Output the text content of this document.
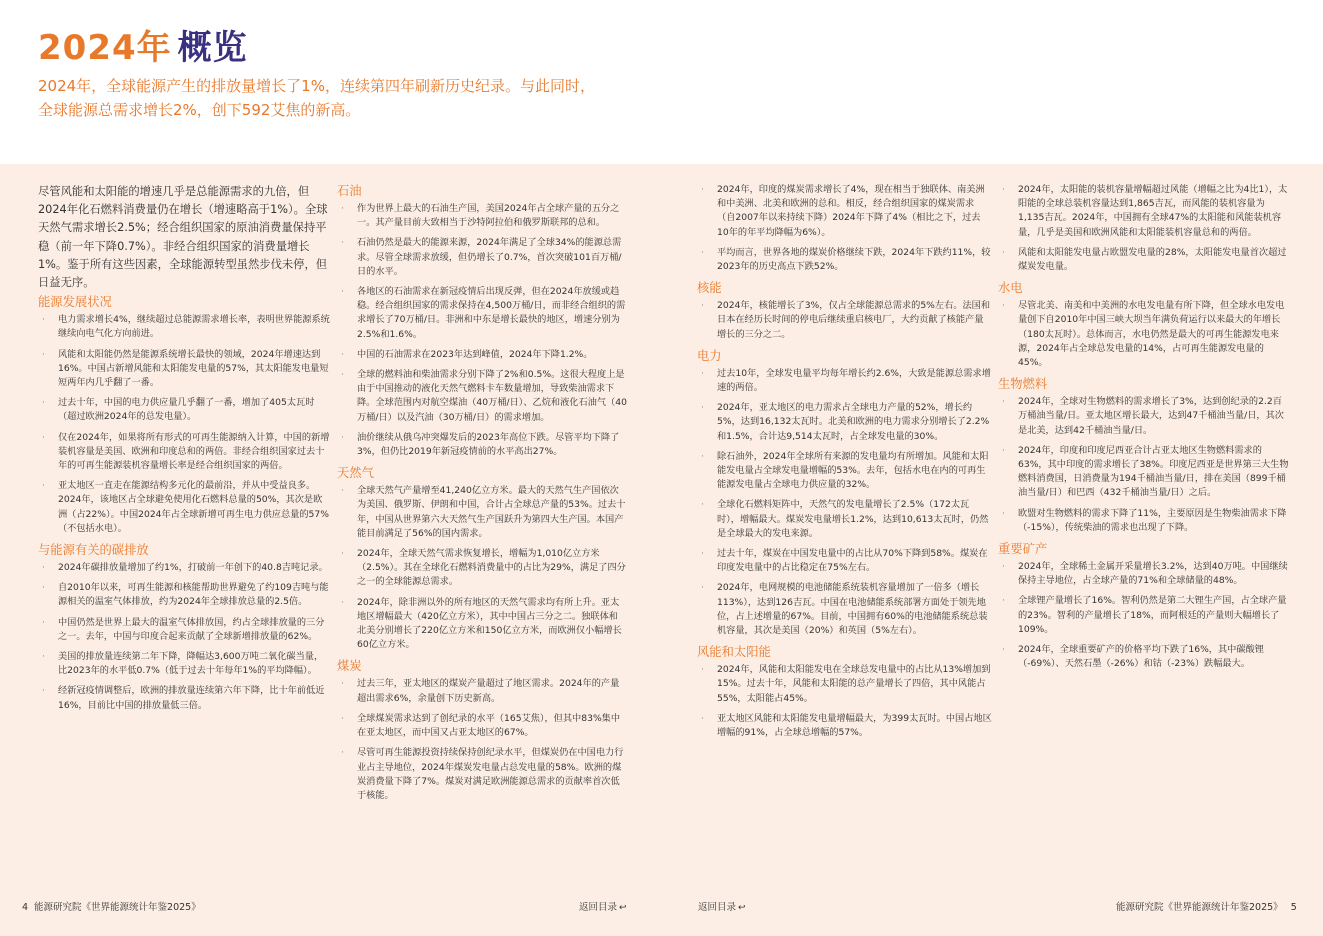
2024年 概览
2024年，全球能源产生的排放量增长了1%，连续第四年刷新历史纪录。与此同时，
全球能源总需求增长2%，创下592艾焦的新高。

尽管风能和太阳能的增速几乎是总能源需求的九倍，但2024年化石燃料消费量仍在增长（增速略高于1%）。全球天然气需求增长2.5%；经合组织国家的原油消费量保持平稳（前一年下降0.7%）。非经合组织国家的消费量增长1%。鉴于所有这些因素，全球能源转型虽然步伐未停，但日益无序。

能源发展状况
· 电力需求增长4%，继续超过总能源需求增长率，表明世界能源系统继续向电气化方向前进。
· 风能和太阳能仍然是能源系统增长最快的领域，2024年增速达到16%。中国占新增风能和太阳能发电量的57%，其太阳能发电量短短两年内几乎翻了一番。
· 过去十年，中国的电力供应量几乎翻了一番，增加了405太瓦时（超过欧洲2024年的总发电量）。
· 仅在2024年，如果将所有形式的可再生能源纳入计算，中国的新增装机容量是美国、欧洲和印度总和的两倍。非经合组织国家过去十年的可再生能源装机容量增长率是经合组织国家的两倍。
· 亚太地区一直走在能源结构多元化的最前沿，并从中受益良多。2024年，该地区占全球避免使用化石燃料总量的50%，其次是欧洲（占22%）。中国2024年占全球新增可再生电力供应总量的57%（不包括水电）。
与能源有关的碳排放
· 2024年碳排放量增加了约1%，打破前一年创下的40.8吉吨记录。
· 自2010年以来，可再生能源和核能帮助世界避免了约109吉吨与能源相关的温室气体排放，约为2024年全球排放总量的2.5倍。
· 中国仍然是世界上最大的温室气体排放国，约占全球排放量的三分之一。去年，中国与印度合起来贡献了全球新增排放量的62%。
· 美国的排放量连续第二年下降，降幅达3,600万吨二氧化碳当量，比2023年的水平低0.7%（低于过去十年每年1%的平均降幅）。
· 经新冠疫情调整后，欧洲的排放量连续第六年下降，比十年前低近16%，目前比中国的排放量低三倍。
石油
· 作为世界上最大的石油生产国，美国2024年占全球产量的五分之一。其产量目前大致相当于沙特阿拉伯和俄罗斯联邦的总和。
· 石油仍然是最大的能源来源，2024年满足了全球34%的能源总需求。尽管全球需求放缓，但仍增长了0.7%，首次突破101百万桶/日的水平。
· 各地区的石油需求在新冠疫情后出现反弹，但在2024年放缓或趋稳。经合组织国家的需求保持在4,500万桶/日，而非经合组织的需求增长了70万桶/日。非洲和中东是增长最快的地区，增速分别为2.5%和1.6%。
· 中国的石油需求在2023年达到峰值，2024年下降1.2%。
· 全球的燃料油和柴油需求分别下降了2%和0.5%。这很大程度上是由于中国推动的液化天然气燃料卡车数量增加，导致柴油需求下降。全球范围内对航空煤油（40万桶/日）、乙烷和液化石油气（40万桶/日）以及汽油（30万桶/日）的需求增加。
· 油价继续从俄乌冲突爆发后的2023年高位下跌。尽管平均下降了3%，但仍比2019年新冠疫情前的水平高出27%。
天然气
· 全球天然气产量增至41,240亿立方米。最大的天然气生产国依次为美国、俄罗斯、伊朗和中国，合计占全球总产量的53%。过去十年，中国从世界第六大天然气生产国跃升为第四大生产国。本国产能目前满足了56%的国内需求。
· 2024年，全球天然气需求恢复增长，增幅为1,010亿立方米（2.5%）。其在全球化石燃料消费量中的占比为29%，满足了四分之一的全球能源总需求。
· 2024年，除非洲以外的所有地区的天然气需求均有所上升。亚太地区增幅最大（420亿立方米），其中中国占三分之二。独联体和北美分别增长了220亿立方米和150亿立方米，而欧洲仅小幅增长60亿立方米。
煤炭
· 过去三年，亚太地区的煤炭产量超过了地区需求。2024年的产量超出需求6%，余量创下历史新高。
· 全球煤炭需求达到了创纪录的水平（165艾焦），但其中83%集中在亚太地区，而中国又占亚太地区的67%。
· 尽管可再生能源投资持续保持创纪录水平，但煤炭仍在中国电力行业占主导地位，2024年煤炭发电量占总发电量的58%。欧洲的煤炭消费量下降了7%。煤炭对满足欧洲能源总需求的贡献率首次低于核能。
· 2024年，印度的煤炭需求增长了4%，现在相当于独联体、南美洲和中美洲、北美和欧洲的总和。相反，经合组织国家的煤炭需求（自2007年以来持续下降）2024年下降了4%（相比之下，过去10年的年平均降幅为6%）。
· 平均而言，世界各地的煤炭价格继续下跌，2024年下跌约11%，较2023年的历史高点下跌52%。
核能
· 2024年，核能增长了3%，仅占全球能源总需求的5%左右。法国和日本在经历长时间的停电后继续重启核电厂，大约贡献了核能产量增长的三分之二。
电力
· 过去10年，全球发电量平均每年增长约2.6%，大致是能源总需求增速的两倍。
· 2024年，亚太地区的电力需求占全球电力产量的52%，增长约5%，达到16,132太瓦时。北美和欧洲的电力需求分别增长了2.2%和1.5%，合计达9,514太瓦时，占全球发电量的30%。
· 除石油外，2024年全球所有来源的发电量均有所增加。风能和太阳能发电量占全球发电量增幅的53%。去年，包括水电在内的可再生能源发电量占全球电力供应量的32%。
· 全球化石燃料矩阵中，天然气的发电量增长了2.5%（172太瓦时），增幅最大。煤炭发电量增长1.2%，达到10,613太瓦时，仍然是全球最大的发电来源。
· 过去十年，煤炭在中国发电量中的占比从70%下降到58%。煤炭在印度发电量中的占比稳定在75%左右。
· 2024年，电网规模的电池储能系统装机容量增加了一倍多（增长113%），达到126吉瓦。中国在电池储能系统部署方面处于领先地位，占上述增量的67%。目前，中国拥有60%的电池储能系统总装机容量，其次是美国（20%）和英国（5%左右）。
风能和太阳能
· 2024年，风能和太阳能发电在全球总发电量中的占比从13%增加到15%。过去十年，风能和太阳能的总产量增长了四倍，其中风能占55%，太阳能占45%。
· 亚太地区风能和太阳能发电量增幅最大，为399太瓦时。中国占地区增幅的91%，占全球总增幅的57%。
· 2024年，太阳能的装机容量增幅超过风能（增幅之比为4比1），太阳能的全球总装机容量达到1,865吉瓦，而风能的装机容量为1,135吉瓦。2024年，中国拥有全球47%的太阳能和风能装机容量，几乎是美国和欧洲风能和太阳能装机容量总和的两倍。
· 风能和太阳能发电量占欧盟发电量的28%，太阳能发电量首次超过煤炭发电量。
水电
· 尽管北美、南美和中美洲的水电发电量有所下降，但全球水电发电量创下自2010年中国三峡大坝当年满负荷运行以来最大的年增长（180太瓦时）。总体而言，水电仍然是最大的可再生能源发电来源，2024年占全球总发电量的14%，占可再生能源发电量的45%。
生物燃料
· 2024年，全球对生物燃料的需求增长了3%，达到创纪录的2.2百万桶油当量/日。亚太地区增长最大，达到47千桶油当量/日，其次是北美，达到42千桶油当量/日。
· 2024年，印度和印度尼西亚合计占亚太地区生物燃料需求的63%，其中印度的需求增长了38%。印度尼西亚是世界第三大生物燃料消费国，日消费量为194千桶油当量/日，排在美国（899千桶油当量/日）和巴西（432千桶油当量/日）之后。
· 欧盟对生物燃料的需求下降了11%，主要原因是生物柴油需求下降（-15%），传统柴油的需求也出现了下降。
重要矿产
· 2024年，全球稀土金属开采量增长3.2%，达到40万吨。中国继续保持主导地位，占全球产量的71%和全球储量的48%。
· 全球锂产量增长了16%。智利仍然是第二大锂生产国，占全球产量的23%。智利的产量增长了18%，而阿根廷的产量则大幅增长了109%。
· 2024年，全球重要矿产的价格平均下跌了16%，其中碳酸锂（-69%）、天然石墨（-26%）和钴（-23%）跌幅最大。
4 能源研究院《世界能源统计年鉴2025》	返回目录 ↩	返回目录 ↩	能源研究院《世界能源统计年鉴2025》 5
